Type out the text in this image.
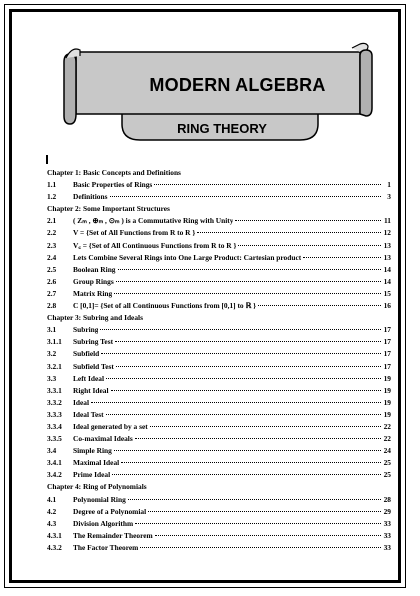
MODERN ALGEBRA
RING THEORY
Chapter 1: Basic Concepts and Definitions
1.1	Basic Properties of Rings	1
1.2	Definitions	3
Chapter 2: Some Important Structures
2.1	( Zₘ , ⊕ₘ , ⊙ₘ ) is a Commutative Ring with Unity	11
2.2	V = {Set of All Functions from R to R }	12
2.3	V꜀ = {Set of All Continuous Functions from R to R }	13
2.4	Lets Combine Several Rings into One Large Product: Cartesian product	13
2.5	Boolean Ring	14
2.6	Group Rings	14
2.7	Matrix Ring	15
2.8	C [0,1]= {Set of all Continuous Functions from [0,1] to ℝ }	16
Chapter 3: Subring and Ideals
3.1	Subring	17
3.1.1	Subring Test	17
3.2	Subfield	17
3.2.1	Subfield Test	17
3.3	Left Ideal	19
3.3.1	Right Ideal	19
3.3.2	Ideal	19
3.3.3	Ideal Test	19
3.3.4	Ideal generated by a set	22
3.3.5	Co-maximal Ideals	22
3.4	Simple Ring	24
3.4.1	Maximal Ideal	25
3.4.2	Prime Ideal	25
Chapter 4: Ring of Polynomials
4.1	Polynomial Ring	28
4.2	Degree of a Polynomial	29
4.3	Division Algorithm	33
4.3.1	The Remainder Theorem	33
4.3.2	The Factor Theorem	33
